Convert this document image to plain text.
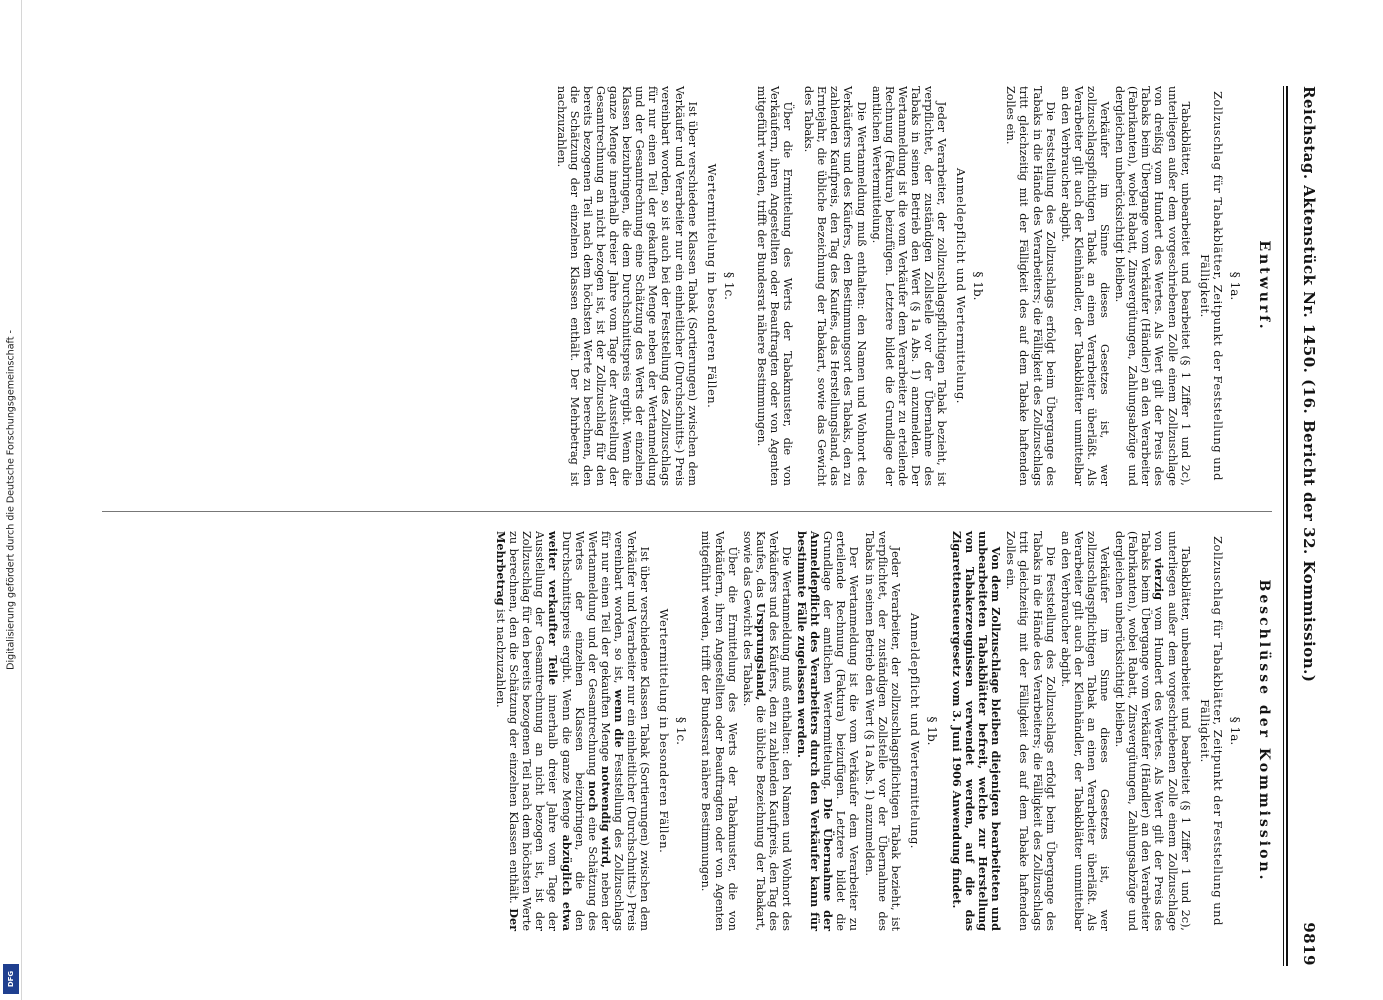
Digitalisierung gefördert durch die Deutsche Forschungsgemeinschaft -
DFG
Reichstag. Aktenstück Nr. 1450. (16. Bericht der 32. Kommission.)
9819
Entwurf.
§ 1a.
Zollzuschlag für Tabakblätter, Zeitpunkt der Feststellung und Fälligkeit.

Tabakblätter, unbearbeitet und bearbeitet (§ 1 Ziffer 1 und 2c), unterliegen außer dem vorgeschriebenen Zolle einem Zollzuschlage von dreißig vom Hundert des Wertes. Als Wert gilt der Preis des Tabaks beim Übergange vom Verkäufer (Händler) an den Verarbeiter (Fabrikanten), wobei Rabatt, Zinsvergütungen, Zahlungsabzüge und dergleichen unberücksichtigt bleiben.

Verkäufer im Sinne dieses Gesetzes ist, wer zollzuschlagspflichtigen Tabak an einen Verarbeiter überläßt. Als Verarbeiter gilt auch der Kleinhändler, der Tabakblätter unmittelbar an den Verbraucher abgibt.

Die Feststellung des Zollzuschlags erfolgt beim Übergange des Tabaks in die Hände des Verarbeiters; die Fälligkeit des Zollzuschlags tritt gleichzeitig mit der Fälligkeit des auf dem Tabake haftenden Zolles ein.

§ 1b.
Anmeldepflicht und Wertermittelung.

Jeder Verarbeiter, der zollzuschlagspflichtigen Tabak bezieht, ist verpflichtet, der zuständigen Zollstelle vor der Übernahme des Tabaks in seinen Betrieb den Wert (§ 1a Abs. 1) anzumelden. Der Wertanmeldung ist die vom Verkäufer dem Verarbeiter zu erteilende Rechnung (Faktura) beizufügen. Letztere bildet die Grundlage der amtlichen Wertermittelung.

Die Wertanmeldung muß enthalten: den Namen und Wohnort des Verkäufers und des Käufers, den Bestimmungsort des Tabaks, den zu zahlenden Kaufpreis, den Tag des Kaufes, das Herstellungsland, das Erntejahr, die übliche Bezeichnung der Tabakart, sowie das Gewicht des Tabaks.

Über die Ermittelung des Werts der Tabakmuster, die von Verkäufern, ihren Angestellten oder Beauftragten oder von Agenten mitgeführt werden, trifft der Bundesrat nähere Bestimmungen.

§ 1c.
Wertermittelung in besonderen Fällen.

Ist über verschiedene Klassen Tabak (Sortierungen) zwischen dem Verkäufer und Verarbeiter nur ein einheitlicher (Durchschnitts-) Preis vereinbart worden, so ist auch bei der Feststellung des Zollzuschlags für nur einen Teil der gekauften Menge neben der Wertanmeldung und der Gesamtrechnung eine Schätzung des Werts der einzelnen Klassen beizubringen, die dem Durchschnittspreis ergibt. Wenn die ganze Menge innerhalb dreier Jahre vom Tage der Ausstellung der Gesamtrechnung an nicht bezogen ist, ist der Zollzuschlag für den bereits bezogenen Teil nach dem höchsten Werte zu berechnen, den die Schätzung der einzelnen Klassen enthält. Der Mehrbetrag ist nachzuzahlen.

Beschlüsse der Kommission.
§ 1a.
Zollzuschlag für Tabakblätter, Zeitpunkt der Feststellung und Fälligkeit.

Tabakblätter, unbearbeitet und bearbeitet (§ 1 Ziffer 1 und 2c), unterliegen außer dem vorgeschriebenen Zolle einem Zollzuschlage von vierzig vom Hundert des Wertes. Als Wert gilt der Preis des Tabaks beim Übergange vom Verkäufer (Händler) an den Verarbeiter (Fabrikanten), wobei Rabatt, Zinsvergütungen, Zahlungsabzüge und dergleichen unberücksichtigt bleiben.

Verkäufer im Sinne dieses Gesetzes ist, wer zollzuschlagspflichtigen Tabak an einen Verarbeiter überläßt. Als Verarbeiter gilt auch der Kleinhändler, der Tabakblätter unmittelbar an den Verbraucher abgibt.

Die Feststellung des Zollzuschlags erfolgt beim Übergange des Tabaks in die Hände des Verarbeiters; die Fälligkeit des Zollzuschlags tritt gleichzeitig mit der Fälligkeit des auf dem Tabake haftenden Zolles ein.

Von dem Zollzuschlage bleiben diejenigen bearbeiteten und unbearbeiteten Tabakblätter befreit, welche zur Herstellung von Tabakerzeugnissen verwendet werden, auf die das Zigarettensteuergesetz vom 3. Juni 1906 Anwendung findet.

§ 1b.
Anmeldepflicht und Wertermittelung.

Jeder Verarbeiter, der zollzuschlagspflichtigen Tabak bezieht, ist verpflichtet, der zuständigen Zollstelle vor der Übernahme des Tabaks in seinen Betrieb den Wert (§ 1a Abs. 1) anzumelden.

Der Wertanmeldung ist die vom Verkäufer dem Verarbeiter zu erteilende Rechnung (Faktura) beizufügen. Letztere bildet die Grundlage der amtlichen Wertermittelung. Die Übernahme der Anmeldepflicht des Verarbeiters durch den Verkäufer kann für bestimmte Fälle zugelassen werden.

Die Wertanmeldung muß enthalten: den Namen und Wohnort des Verkäufers und des Käufers, den zu zahlenden Kaufpreis, den Tag des Kaufes, das Ursprungsland, die übliche Bezeichnung der Tabakart, sowie das Gewicht des Tabaks.

Über die Ermittelung des Werts der Tabakmuster, die von Verkäufern, ihren Angestellten oder Beauftragten oder von Agenten mitgeführt werden, trifft der Bundesrat nähere Bestimmungen.

§ 1c.
Wertermittelung in besonderen Fällen.

Ist über verschiedene Klassen Tabak (Sortierungen) zwischen dem Verkäufer und Verarbeiter nur ein einheitlicher (Durchschnitts-) Preis vereinbart worden, so ist, wenn die Feststellung des Zollzuschlags für nur einen Teil der gekauften Menge notwendig wird, neben der Wertanmeldung und der Gesamtrechnung noch eine Schätzung des Wertes der einzelnen Klassen beizubringen, die den Durchschnittspreis ergibt. Wenn die ganze Menge abzüglich etwa weiter verkaufter Teile innerhalb dreier Jahre vom Tage der Ausstellung der Gesamtrechnung an nicht bezogen ist, ist der Zollzuschlag für den bereits bezogenen Teil nach dem höchsten Werte zu berechnen, den die Schätzung der einzelnen Klassen enthält. Der Mehrbetrag ist nachzuzahlen.
